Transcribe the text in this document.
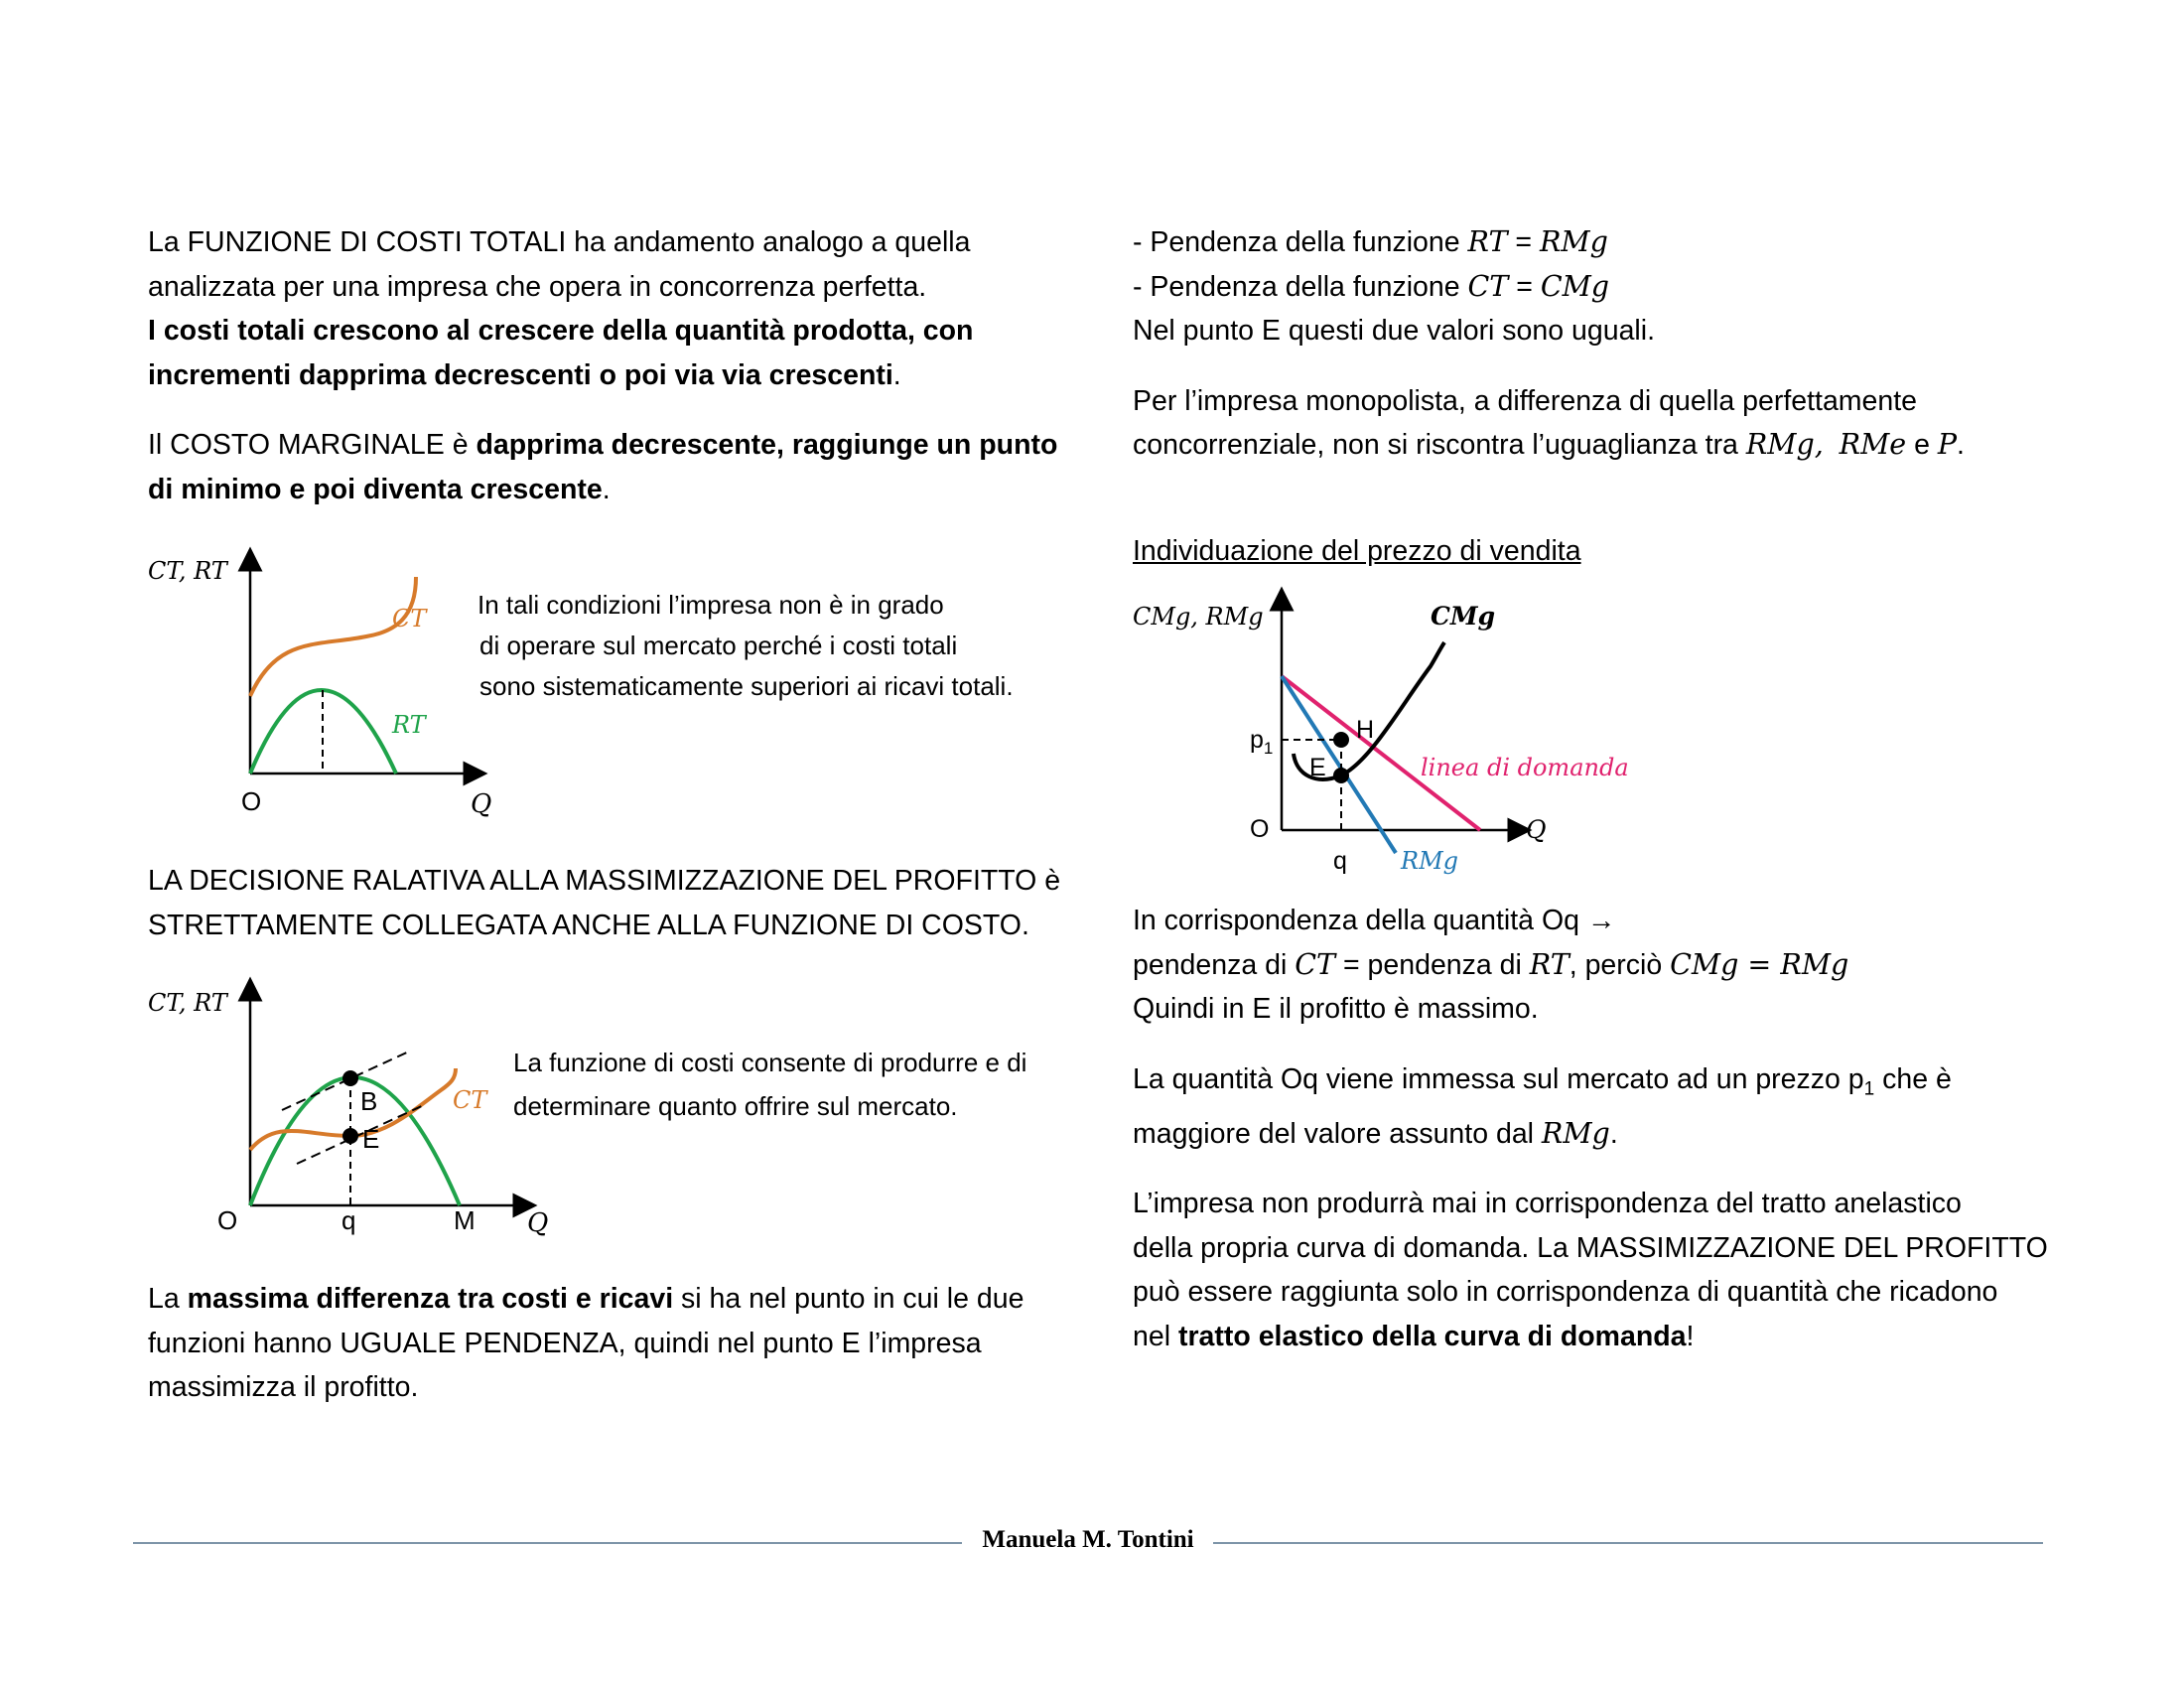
La FUNZIONE DI COSTI TOTALI ha andamento analogo a quella
analizzata per una impresa che opera in concorrenza perfetta.
I costi totali crescono al crescere della quantità prodotta, con
incrementi dapprima decrescenti o poi via via crescenti.
Il COSTO MARGINALE è dapprima decrescente, raggiunge un punto
di minimo e poi diventa crescente.
CT, RT
O	Q
CT
RT
In tali condizioni l’impresa non è in grado
di operare sul mercato perché i costi totali
sono sistematicamente superiori ai ricavi totali.
LA DECISIONE RALATIVA ALLA MASSIMIZZAZIONE DEL PROFITTO è
STRETTAMENTE COLLEGATA ANCHE ALLA FUNZIONE DI COSTO.
CT, RT
B
E
CT
O	q	M Q
La funzione di costi consente di produrre e di
determinare quanto offrire sul mercato.
La massima differenza tra costi e ricavi si ha nel punto in cui le due
funzioni hanno UGUALE PENDENZA, quindi nel punto E l’impresa
massimizza il profitto.
- Pendenza della funzione RT = RMg
- Pendenza della funzione CT = CMg
Nel punto E questi due valori sono uguali.
Per l’impresa monopolista, a differenza di quella perfettamente
concorrenziale, non si riscontra l’uguaglianza tra RMg, RMe e P.
Individuazione del prezzo di vendita
CMg, RMg	CMg
$p_1$
H
E	linea di domanda
O	Q
q RMg
In corrispondenza della quantità Oq →
pendenza di CT = pendenza di RT, perciò CMg = RMg
Quindi in E il profitto è massimo.
La quantità Oq viene immessa sul mercato ad un prezzo $p_1$ che è
maggiore del valore assunto dal RMg.
L’impresa non produrrà mai in corrispondenza del tratto anelastico
della propria curva di domanda. La MASSIMIZZAZIONE DEL PROFITTO
può essere raggiunta solo in corrispondenza di quantità che ricadono
nel tratto elastico della curva di domanda!
Manuela M. Tontini
